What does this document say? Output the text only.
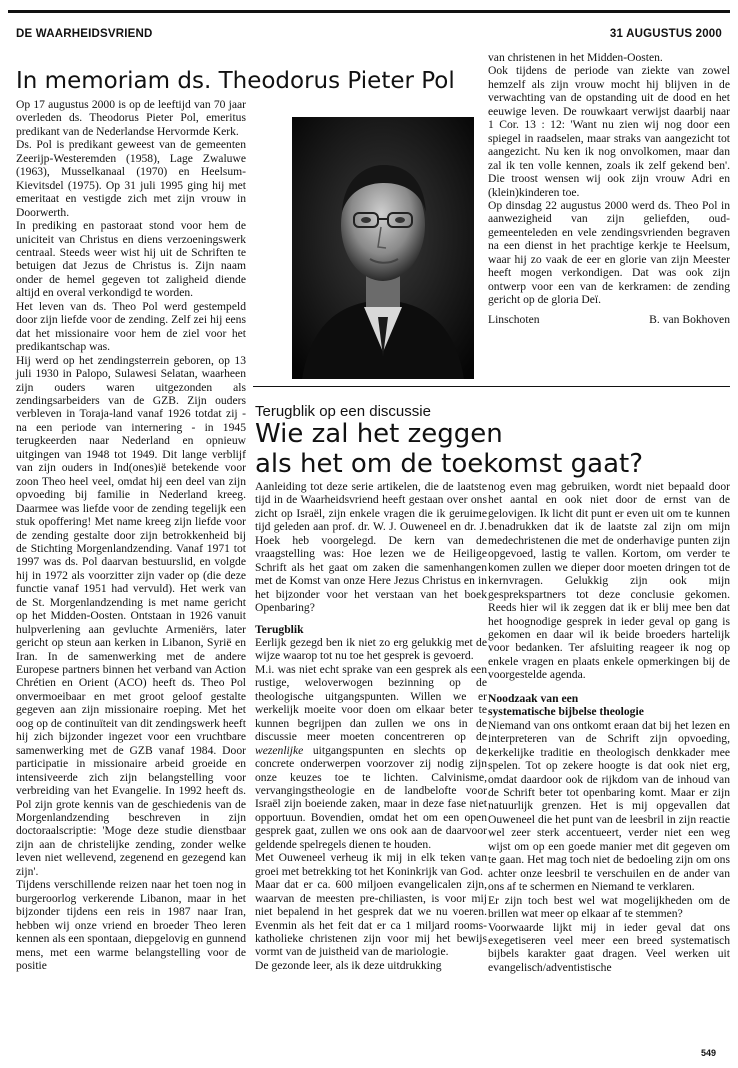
DE WAARHEIDSVRIEND	31 AUGUSTUS 2000
In memoriam ds. Theodorus Pieter Pol

Op 17 augustus 2000 is op de leeftijd van 70 jaar overleden ds. Theodorus Pieter Pol, emeritus predikant van de Nederlandse Hervormde Kerk.

Ds. Pol is predikant geweest van de gemeenten Zeerijp-Westeremden (1958), Lage Zwaluwe (1963), Musselkanaal (1970) en Heelsum-Kievitsdel (1975). Op 31 juli 1995 ging hij met emeritaat en vestigde zich met zijn vrouw in Doorwerth.

In prediking en pastoraat stond voor hem de uniciteit van Christus en diens verzoeningswerk centraal. Steeds weer wist hij uit de Schriften te betuigen dat Jezus de Christus is. Zijn naam onder de hemel gegeven tot zaligheid diende altijd en overal verkondigd te worden.

Het leven van ds. Theo Pol werd gestempeld door zijn liefde voor de zending. Zelf zei hij eens dat het missionaire voor hem de ziel voor het predikantschap was.

Hij werd op het zendingsterrein geboren, op 13 juli 1930 in Palopo, Sulawesi Selatan, waarheen zijn ouders waren uitgezonden als zendingsarbeiders van de GZB. Zijn ouders verbleven in Toraja-land vanaf 1926 totdat zij - na een periode van internering - in 1945 terugkeerden naar Nederland en opnieuw uitgingen van 1948 tot 1949. Dit lange verblijf van zijn ouders in Ind(ones)ië betekende voor zoon Theo heel veel, omdat hij een deel van zijn opvoeding bij familie in Nederland kreeg. Daarmee was liefde voor de zending tegelijk een stuk opoffering! Met name kreeg zijn liefde voor de zending gestalte door zijn betrokkenheid bij de Stichting Morgenlandzending. Vanaf 1971 tot 1997 was ds. Pol daarvan bestuurslid, en volgde hij in 1972 als voorzitter zijn vader op (die deze functie vanaf 1951 had vervuld). Het werk van de St. Morgenlandzending is met name gericht op het Midden-Oosten. Ontstaan in 1926 vanuit hulpverlening aan gevluchte Armeniërs, later gericht op steun aan kerken in Libanon, Syrië en Iran. In de samenwerking met de andere Europese partners binnen het verband van Action Chrétien en Orient (ACO) heeft ds. Theo Pol onvermoeibaar en met groot geloof gestalte gegeven aan zijn missionaire roeping. Met het oog op de continuïteit van dit zendingswerk heeft hij zich bijzonder ingezet voor een vruchtbare samenwerking met de GZB vanaf 1984. Door participatie in missionaire arbeid groeide en intensiveerde zich zijn belangstelling voor verbreiding van het Evangelie. In 1992 heeft ds. Pol zijn grote kennis van de geschiedenis van de Morgenlandzending beschreven in zijn doctoraalscriptie: 'Moge deze studie dienstbaar zijn aan de christelijke zending, zonder welke leven niet wellevend, zegenend en gezegend kan zijn'.

Tijdens verschillende reizen naar het toen nog in burgeroorlog verkerende Libanon, maar in het bijzonder tijdens een reis in 1987 naar Iran, hebben wij onze vriend en broeder Theo leren kennen als een spontaan, diepgelovig en gunnend mens, met een warme belangstelling voor de positie

van christenen in het Midden-Oosten.

Ook tijdens de periode van ziekte van zowel hemzelf als zijn vrouw mocht hij blijven in de verwachting van de opstanding uit de dood en het eeuwige leven. De rouwkaart verwijst daarbij naar 1 Cor. 13 : 12: 'Want nu zien wij nog door een spiegel in raadselen, maar straks van aangezicht tot aangezicht. Nu ken ik nog onvolkomen, maar dan zal ik ten volle kennen, zoals ik zelf gekend ben'. Die troost wensen wij ook zijn vrouw Adri en (klein)kinderen toe.

Op dinsdag 22 augustus 2000 werd ds. Theo Pol in aanwezigheid van zijn geliefden, oud-gemeenteleden en vele zendingsvrienden begraven na een dienst in het prachtige kerkje te Heelsum, waar hij zo vaak de eer en glorie van zijn Meester heeft mogen verkondigen. Dat was ook zijn ontwerp voor een van de kerkramen: de zending gericht op de gloria Deï.

Linschoten	B. van Bokhoven

Terugblik op een discussie
Wie zal het zeggen
als het om de toekomst gaat?

Aanleiding tot deze serie artikelen, die de laatste tijd in de Waarheidsvriend heeft gestaan over ons zicht op Israël, zijn enkele vragen die ik geruime tijd geleden aan prof. dr. W. J. Ouweneel en dr. J. Hoek heb voorgelegd. De kern van de vraagstelling was: Hoe lezen we de Heilige Schrift als het gaat om zaken die samenhangen met de Komst van onze Here Jezus Christus en in het bijzonder voor het verstaan van het boek Openbaring?

Terugblik

Eerlijk gezegd ben ik niet zo erg gelukkig met de wijze waarop tot nu toe het gesprek is gevoerd.

M.i. was niet echt sprake van een gesprek als een rustige, weloverwogen bezinning op de theologische uitgangspunten. Willen we er werkelijk moeite voor doen om elkaar beter te kunnen begrijpen dan zullen we ons in de discussie meer moeten concentreren op de wezenlijke uitgangspunten en slechts op de concrete onderwerpen voorzover zij nodig zijn onze keuzes toe te lichten. Calvinisme, vervangingstheologie en de landbelofte voor Israël zijn boeiende zaken, maar in deze fase niet opportuun. Bovendien, omdat het om een open gesprek gaat, zullen we ons ook aan de daarvoor geldende spelregels dienen te houden.

Met Ouweneel verheug ik mij in elk teken van groei met betrekking tot het Koninkrijk van God.

Maar dat er ca. 600 miljoen evangelicalen zijn, waarvan de meesten pre-chiliasten, is voor mij niet bepalend in het gesprek dat we nu voeren. Evenmin als het feit dat er ca 1 miljard rooms-katholieke christenen zijn voor mij het bewijs vormt van de juistheid van de mariologie.

De gezonde leer, als ik deze uitdrukking

nog even mag gebruiken, wordt niet bepaald door het aantal en ook niet door de ernst van de gelovigen. Ik licht dit punt er even uit om te kunnen benadrukken dat ik de laatste zal zijn om mijn medechristenen die met de onderhavige punten zijn opgevoed, lastig te vallen. Kortom, om verder te komen zullen we dieper door moeten dringen tot de kernvragen. Gelukkig zijn ook mijn gesprekspartners tot deze conclusie gekomen. Reeds hier wil ik zeggen dat ik er blij mee ben dat het hoognodige gesprek in ieder geval op gang is gekomen en daar wil ik beide broeders hartelijk voor bedanken. Ter afsluiting reageer ik nog op enkele vragen en plaats enkele opmerkingen bij de voorgestelde agenda.

Noodzaak van een
systematische bijbelse theologie

Niemand van ons ontkomt eraan dat bij het lezen en interpreteren van de Schrift zijn opvoeding, kerkelijke traditie en theologisch denkkader mee spelen. Tot op zekere hoogte is dat ook niet erg, omdat daardoor ook de rijkdom van de inhoud van de Schrift beter tot openbaring komt. Maar er zijn natuurlijk grenzen. Het is mij opgevallen dat Ouweneel die het punt van de leesbril in zijn reactie wel zeer sterk accentueert, verder niet een weg wijst om op een goede manier met dit gegeven om te gaan. Het mag toch niet de bedoeling zijn om ons achter onze leesbril te verschuilen en de ander van ons af te schermen en Niemand te verklaren.

Er zijn toch best wel wat mogelijkheden om de brillen wat meer op elkaar af te stemmen?

Voorwaarde lijkt mij in ieder geval dat ons exegetiseren veel meer een breed systematisch bijbels karakter gaat dragen. Veel werken uit evangelisch/adventistische

549
